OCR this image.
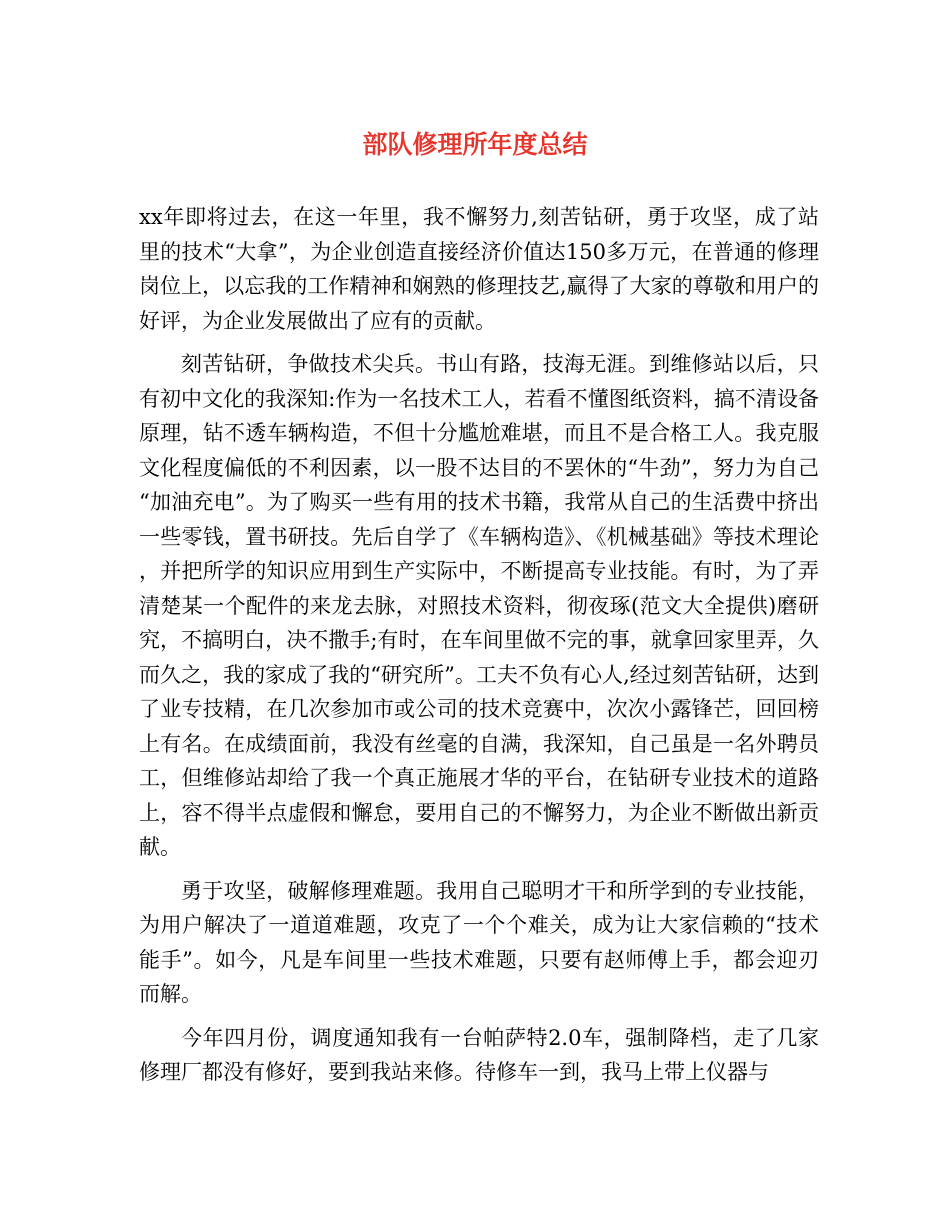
部队修理所年度总结

xx年即将过去，在这一年里，我不懈努力,刻苦钻研，勇于攻坚，成了站里的技术“大拿”，为企业创造直接经济价值达150多万元，在普通的修理岗位上，以忘我的工作精神和娴熟的修理技艺,赢得了大家的尊敬和用户的好评，为企业发展做出了应有的贡献。

刻苦钻研，争做技术尖兵。书山有路，技海无涯。到维修站以后，只有初中文化的我深知:作为一名技术工人，若看不懂图纸资料，搞不清设备原理，钻不透车辆构造，不但十分尴尬难堪，而且不是合格工人。我克服文化程度偏低的不利因素，以一股不达目的不罢休的“牛劲”，努力为自己“加油充电”。为了购买一些有用的技术书籍，我常从自己的生活费中挤出一些零钱，置书研技。先后自学了《车辆构造》、《机械基础》等技术理论，并把所学的知识应用到生产实际中，不断提高专业技能。有时，为了弄清楚某一个配件的来龙去脉，对照技术资料，彻夜琢(范文大全提供)磨研究，不搞明白，决不撒手;有时，在车间里做不完的事，就拿回家里弄，久而久之，我的家成了我的“研究所”。工夫不负有心人,经过刻苦钻研，达到了业专技精，在几次参加市或公司的技术竞赛中，次次小露锋芒，回回榜上有名。在成绩面前，我没有丝毫的自满，我深知，自己虽是一名外聘员工，但维修站却给了我一个真正施展才华的平台，在钻研专业技术的道路上，容不得半点虚假和懈怠，要用自己的不懈努力，为企业不断做出新贡献。

勇于攻坚，破解修理难题。我用自己聪明才干和所学到的专业技能，为用户解决了一道道难题，攻克了一个个难关，成为让大家信赖的“技术能手”。如今，凡是车间里一些技术难题，只要有赵师傅上手，都会迎刃而解。

今年四月份，调度通知我有一台帕萨特2.0车，强制降档，走了几家修理厂都没有修好，要到我站来修。待修车一到，我马上带上仪器与
